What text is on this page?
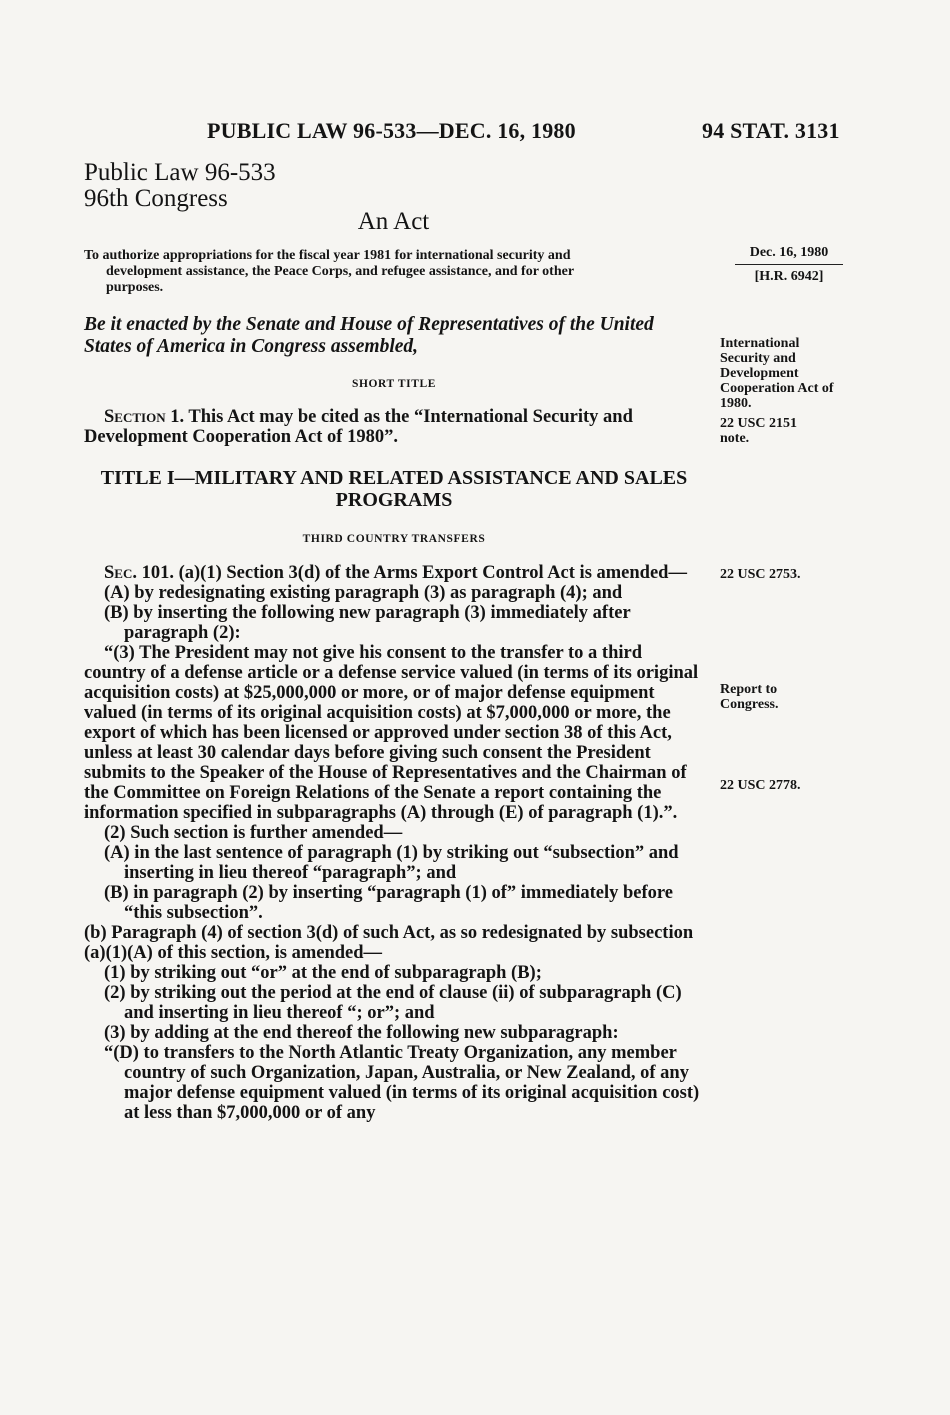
PUBLIC LAW 96-533—DEC. 16, 1980	94 STAT. 3131
Public Law 96-533
96th Congress
An Act
To authorize appropriations for the fiscal year 1981 for international security and
development assistance, the Peace Corps, and refugee assistance, and for other
purposes.
Dec. 16, 1980
[H.R. 6942]
Be it enacted by the Senate and House of Representatives of the United States of America in Congress assembled,
SHORT TITLE

Section 1. This Act may be cited as the “International Security and Development Cooperation Act of 1980”.

International Security and Development Cooperation Act of 1980.
22 USC 2151 note.
22 USC 2753.
Report to Congress.
22 USC 2778.
TITLE I—MILITARY AND RELATED ASSISTANCE AND SALES
PROGRAMS
THIRD COUNTRY TRANSFERS

Sec. 101. (a)(1) Section 3(d) of the Arms Export Control Act is amended—

(A) by redesignating existing paragraph (3) as paragraph (4); and

(B) by inserting the following new paragraph (3) immediately after paragraph (2):

“(3) The President may not give his consent to the transfer to a third country of a defense article or a defense service valued (in terms of its original acquisition costs) at $25,000,000 or more, or of major defense equipment valued (in terms of its original acquisition costs) at $7,000,000 or more, the export of which has been licensed or approved under section 38 of this Act, unless at least 30 calendar days before giving such consent the President submits to the Speaker of the House of Representatives and the Chairman of the Committee on Foreign Relations of the Senate a report containing the information specified in subparagraphs (A) through (E) of paragraph (1).”.

(2) Such section is further amended—

(A) in the last sentence of paragraph (1) by striking out “subsection” and inserting in lieu thereof “paragraph”; and

(B) in paragraph (2) by inserting “paragraph (1) of” immediately before “this subsection”.

(b) Paragraph (4) of section 3(d) of such Act, as so redesignated by subsection (a)(1)(A) of this section, is amended—

(1) by striking out “or” at the end of subparagraph (B);

(2) by striking out the period at the end of clause (ii) of subparagraph (C) and inserting in lieu thereof “; or”; and

(3) by adding at the end thereof the following new subparagraph:

“(D) to transfers to the North Atlantic Treaty Organization, any member country of such Organization, Japan, Australia, or New Zealand, of any major defense equipment valued (in terms of its original acquisition cost) at less than $7,000,000 or of any
